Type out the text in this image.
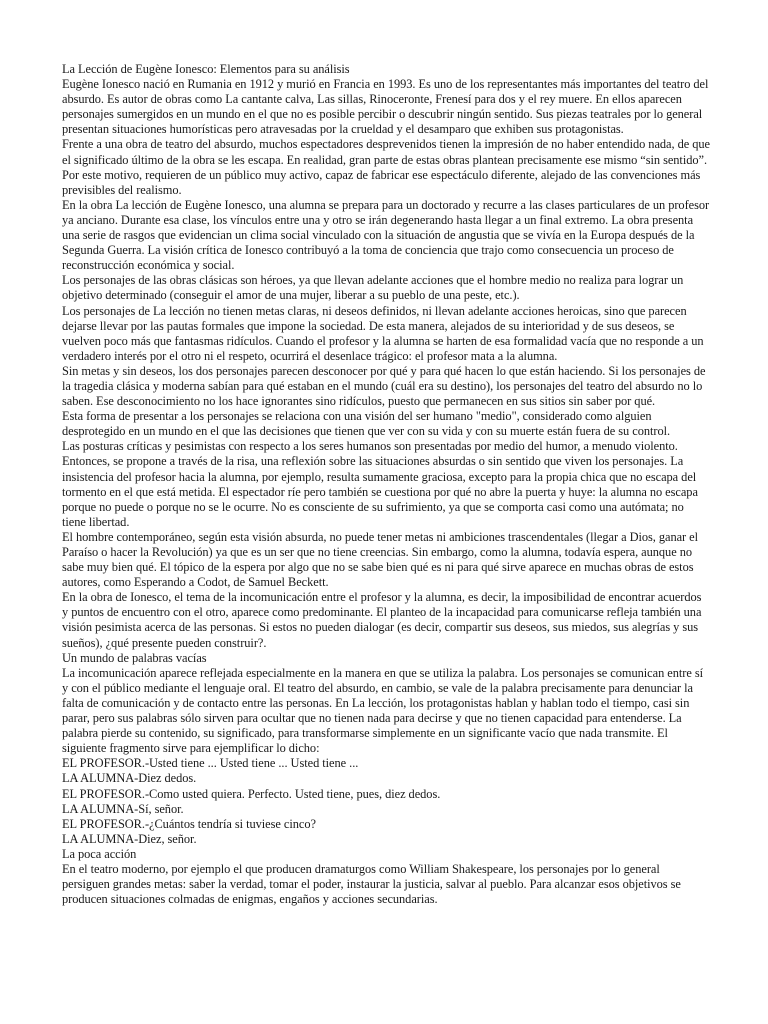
La Lección de Eugène Ionesco: Elementos para su análisis

Eugène Ionesco nació en Rumania en 1912 y murió en Francia en 1993. Es uno de los representantes más importantes del teatro del absurdo. Es autor de obras como La cantante calva, Las sillas, Rinoceronte, Frenesí para dos y el rey muere. En ellos aparecen personajes sumergidos en un mundo en el que no es posible percibir o descubrir ningún sentido. Sus piezas teatrales por lo general presentan situaciones humorísticas pero atravesadas por la crueldad y el desamparo que exhiben sus protagonistas.

Frente a una obra de teatro del absurdo, muchos espectadores desprevenidos tienen la impresión de no haber entendido nada, de que el significado último de la obra se les escapa. En realidad, gran parte de estas obras plantean precisamente ese mismo “sin sentido”. Por este motivo, requieren de un público muy activo, capaz de fabricar ese espectáculo diferente, alejado de las convenciones más previsibles del realismo.

En la obra La lección de Eugène Ionesco, una alumna se prepara para un doctorado y recurre a las clases particulares de un profesor ya anciano. Durante esa clase, los vínculos entre una y otro se irán degenerando hasta llegar a un final extremo. La obra presenta una serie de rasgos que evidencian un clima social vinculado con la situación de angustia que se vivía en la Europa después de la Segunda Guerra. La visión crítica de Ionesco contribuyó a la toma de conciencia que trajo como consecuencia un proceso de reconstrucción económica y social.

Los personajes de las obras clásicas son héroes, ya que llevan adelante acciones que el hombre medio no realiza para lograr un objetivo determinado (conseguir el amor de una mujer, liberar a su pueblo de una peste, etc.).

Los personajes de La lección no tienen metas claras, ni deseos definidos, ni llevan adelante acciones heroicas, sino que parecen dejarse llevar por las pautas formales que impone la sociedad. De esta manera, alejados de su interioridad y de sus deseos, se vuelven poco más que fantasmas ridículos. Cuando el profesor y la alumna se harten de esa formalidad vacía que no responde a un verdadero interés por el otro ni el respeto, ocurrirá el desenlace trágico: el profesor mata a la alumna.

Sin metas y sin deseos, los dos personajes parecen desconocer por qué y para qué hacen lo que están haciendo. Si los personajes de la tragedia clásica y moderna sabían para qué estaban en el mundo (cuál era su destino), los personajes del teatro del absurdo no lo saben. Ese desconocimiento no los hace ignorantes sino ridículos, puesto que permanecen en sus sitios sin saber por qué.

Esta forma de presentar a los personajes se relaciona con una visión del ser humano "medio", considerado como alguien desprotegido en un mundo en el que las decisiones que tienen que ver con su vida y con su muerte están fuera de su control.

Las posturas críticas y pesimistas con respecto a los seres humanos son presentadas por medio del humor, a menudo violento. Entonces, se propone a través de la risa, una reflexión sobre las situaciones absurdas o sin sentido que viven los personajes. La insistencia del profesor hacia la alumna, por ejemplo, resulta sumamente graciosa, excepto para la propia chica que no escapa del tormento en el que está metida. El espectador ríe pero también se cuestiona por qué no abre la puerta y huye: la alumna no escapa porque no puede o porque no se le ocurre. No es consciente de su sufrimiento, ya que se comporta casi como una autómata; no tiene libertad.

El hombre contemporáneo, según esta visión absurda, no puede tener metas ni ambiciones trascendentales (llegar a Dios, ganar el Paraíso o hacer la Revolución) ya que es un ser que no tiene creencias. Sin embargo, como la alumna, todavía espera, aunque no sabe muy bien qué. El tópico de la espera por algo que no se sabe bien qué es ni para qué sirve aparece en muchas obras de estos autores, como Esperando a Codot, de Samuel Beckett.

En la obra de Ionesco, el tema de la incomunicación entre el profesor y la alumna, es decir, la imposibilidad de encontrar acuerdos y puntos de encuentro con el otro, aparece como predominante. El planteo de la incapacidad para comunicarse refleja también una visión pesimista acerca de las personas. Si estos no pueden dialogar (es decir, compartir sus deseos, sus miedos, sus alegrías y sus sueños), ¿qué presente pueden construir?.

Un mundo de palabras vacías

La incomunicación aparece reflejada especialmente en la manera en que se utiliza la palabra. Los personajes se comunican entre sí y con el público mediante el lenguaje oral. El teatro del absurdo, en cambio, se vale de la palabra precisamente para denunciar la falta de comunicación y de contacto entre las personas. En La lección, los protagonistas hablan y hablan todo el tiempo, casi sin parar, pero sus palabras sólo sirven para ocultar que no tienen nada para decirse y que no tienen capacidad para entenderse. La palabra pierde su contenido, su significado, para transformarse simplemente en un significante vacío que nada transmite. El siguiente fragmento sirve para ejemplificar lo dicho:

EL PROFESOR.-Usted tiene ... Usted tiene ... Usted tiene ...

LA ALUMNA-Diez dedos.

EL PROFESOR.-Como usted quiera. Perfecto. Usted tiene, pues, diez dedos.

LA ALUMNA-Sí, señor.

EL PROFESOR.-¿Cuántos tendría si tuviese cinco?

LA ALUMNA-Diez, señor.

La poca acción

En el teatro moderno, por ejemplo el que producen dramaturgos como William Shakespeare, los personajes por lo general persiguen grandes metas: saber la verdad, tomar el poder, instaurar la justicia, salvar al pueblo. Para alcanzar esos objetivos se producen situaciones colmadas de enigmas, engaños y acciones secundarias.
